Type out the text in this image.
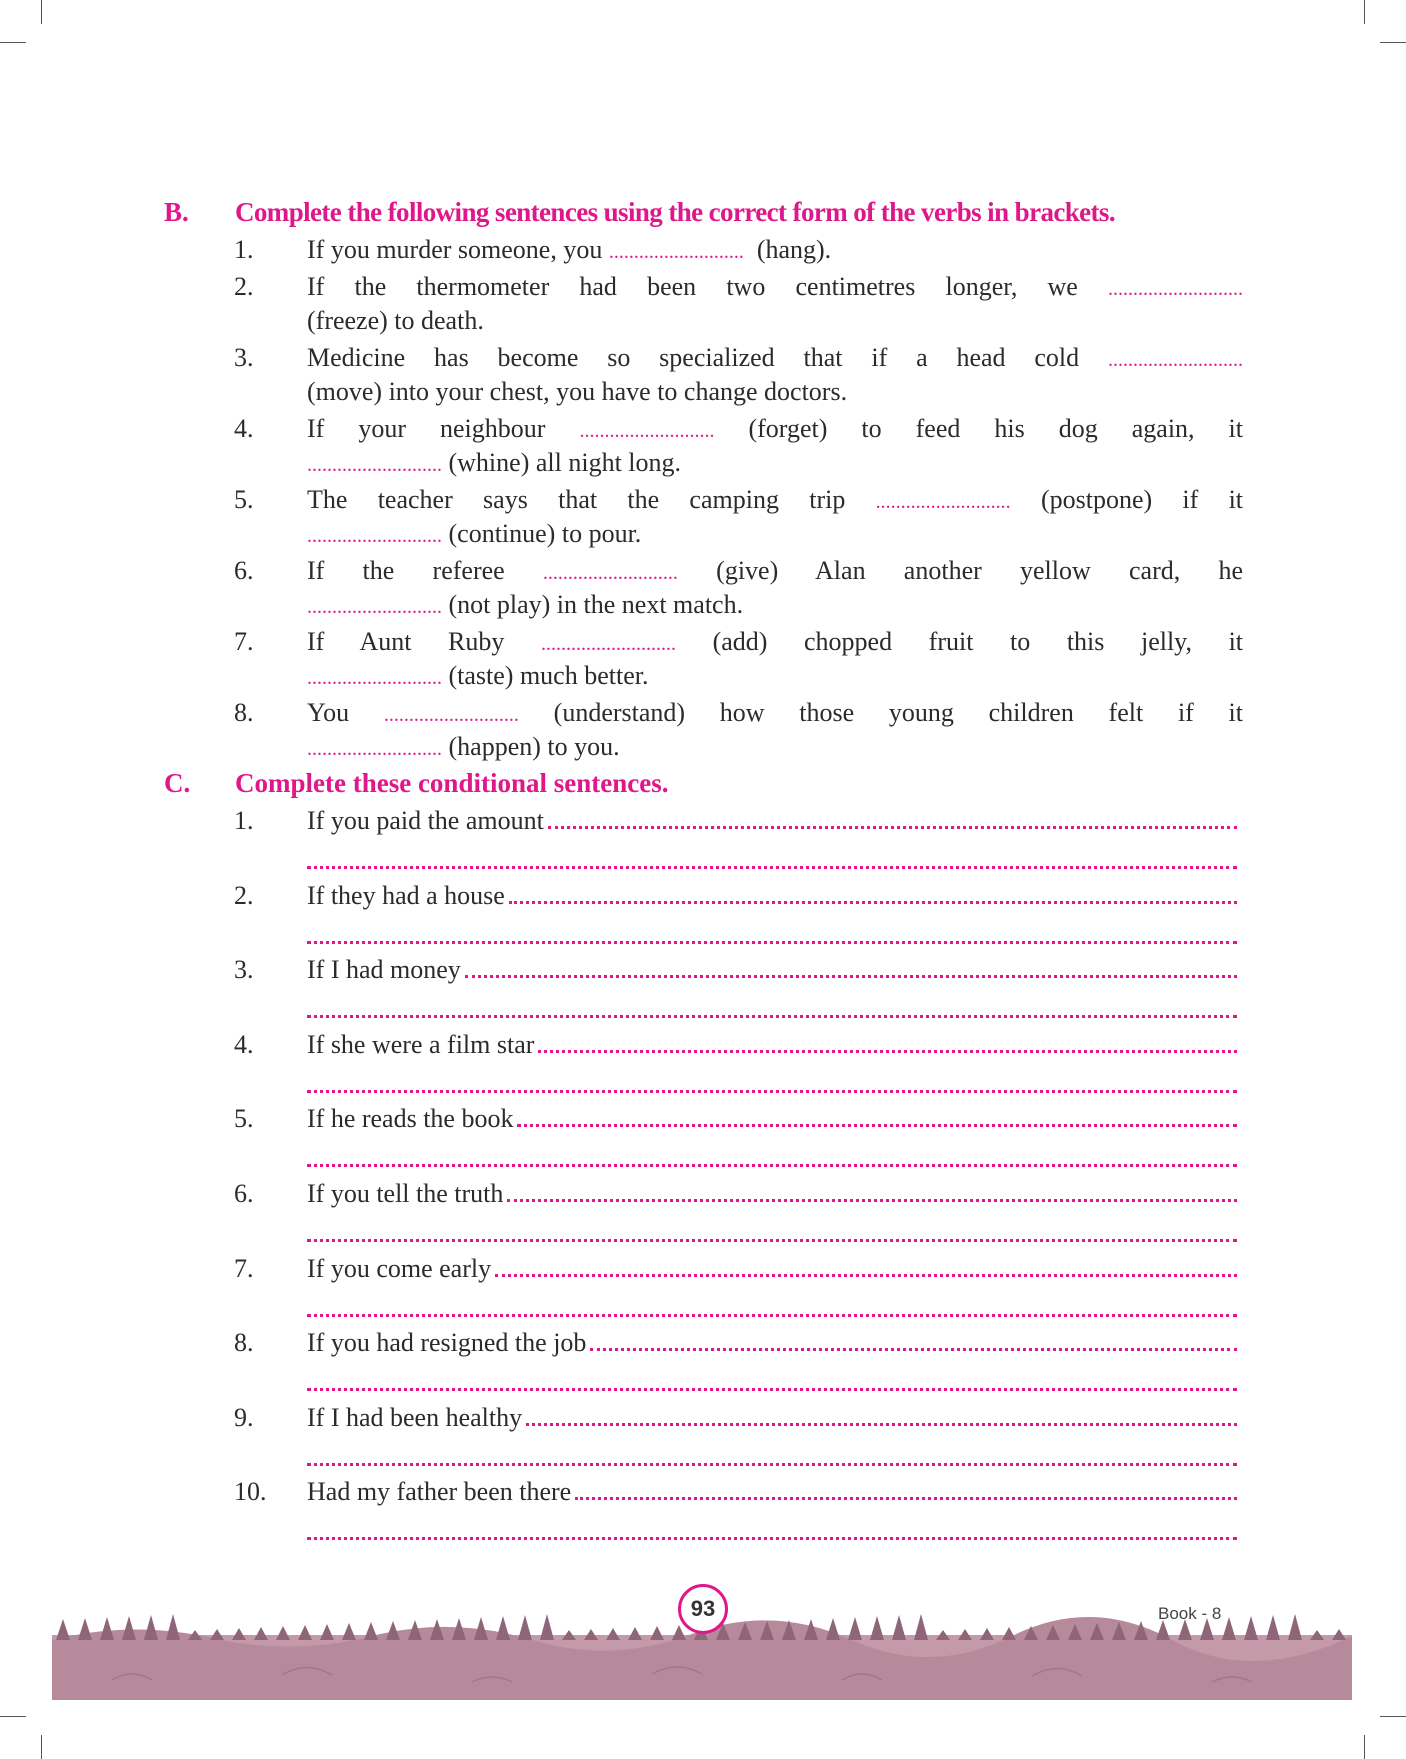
B. Complete the following sentences using the correct form of the verbs in brackets.
1. If you murder someone, you ........................... (hang).
2. If the thermometer had been two centimetres longer, we ...........................
(freeze) to death.
3. Medicine has become so specialized that if a head cold ...........................
(move) into your chest, you have to change doctors.
4. If your neighbour ........................... (forget) to feed his dog again, it
........................... (whine) all night long.
5. The teacher says that the camping trip ........................... (postpone) if it
........................... (continue) to pour.
6. If the referee ........................... (give) Alan another yellow card, he
........................... (not play) in the next match.
7. If Aunt Ruby ........................... (add) chopped fruit to this jelly, it
........................... (taste) much better.
8. You ........................... (understand) how those young children felt if it
........................... (happen) to you.
C. Complete these conditional sentences.
1. If you paid the amount
2. If they had a house
3. If I had money
4. If she were a film star
5. If he reads the book
6. If you tell the truth
7. If you come early
8. If you had resigned the job
9. If I had been healthy
10. Had my father been there
93	Book - 8
